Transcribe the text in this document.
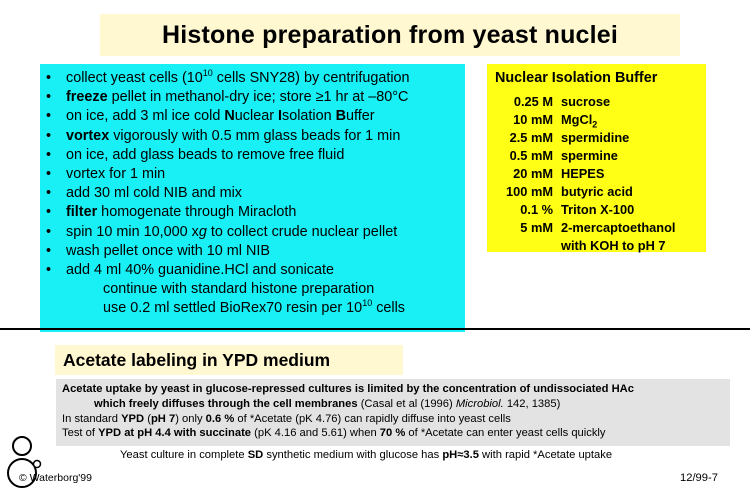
Histone preparation from yeast nuclei
• collect yeast cells ($10^{10}$ cells SNY28) by centrifugation
• freeze pellet in methanol-dry ice; store ≥1 hr at –80°C
• on ice, add 3 ml ice cold Nuclear Isolation Buffer
• vortex vigorously with 0.5 mm glass beads for 1 min
• on ice, add glass beads to remove free fluid
• vortex for 1 min
• add 30 ml cold NIB and mix
• filter homogenate through Miracloth
• spin 10 min 10,000 xg to collect crude nuclear pellet
• wash pellet once with 10 ml NIB
• add 4 ml 40% guanidine.HCl and sonicate
continue with standard histone preparation
use 0.2 ml settled BioRex70 resin per $10^{10}$ cells
Nuclear Isolation Buffer
0.25 M sucrose
10 mM MgCl$_2$
2.5 mM spermidine
0.5 mM spermine
20 mM HEPES
100 mM butyric acid
0.1 % Triton X-100
5 mM 2-mercaptoethanol
with KOH to pH 7
Acetate labeling in YPD medium
Acetate uptake by yeast in glucose-repressed cultures is limited by the concentration of undissociated HAc
which freely diffuses through the cell membranes (Casal et al (1996) Microbiol. 142, 1385)
In standard YPD (pH 7) only 0.6 % of *Acetate (pK 4.76) can rapidly diffuse into yeast cells
Test of YPD at pH 4.4 with succinate (pK 4.16 and 5.61) when 70 % of *Acetate can enter yeast cells quickly
Yeast culture in complete SD synthetic medium with glucose has pH≈3.5 with rapid *Acetate uptake
© Waterborg'99	12/99-7
